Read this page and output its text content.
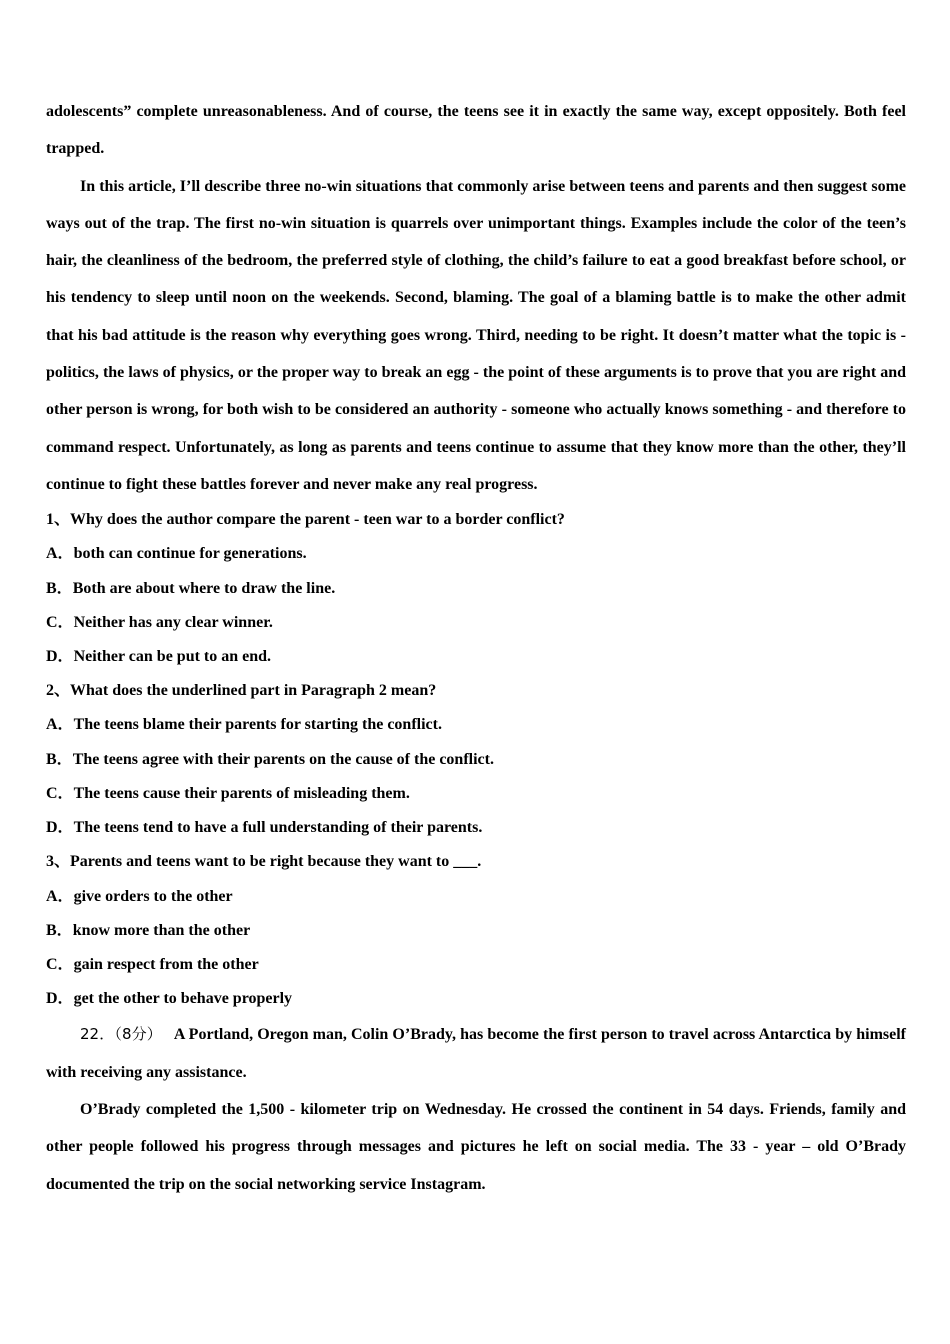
adolescents” complete unreasonableness. And of course, the teens see it in exactly the same way, except oppositely. Both feel trapped.

In this article, I’ll describe three no-win situations that commonly arise between teens and parents and then suggest some ways out of the trap. The first no-win situation is quarrels over unimportant things. Examples include the color of the teen’s hair, the cleanliness of the bedroom, the preferred style of clothing, the child’s failure to eat a good breakfast before school, or his tendency to sleep until noon on the weekends. Second, blaming. The goal of a blaming battle is to make the other admit that his bad attitude is the reason why everything goes wrong. Third, needing to be right. It doesn’t matter what the topic is - politics, the laws of physics, or the proper way to break an egg - the point of these arguments is to prove that you are right and other person is wrong, for both wish to be considered an authority - someone who actually knows something - and therefore to command respect. Unfortunately, as long as parents and teens continue to assume that they know more than the other, they’ll continue to fight these battles forever and never make any real progress.

1、Why does the author compare the parent - teen war to a border conflict?

A．both can continue for generations.

B．Both are about where to draw the line.

C．Neither has any clear winner.

D．Neither can be put to an end.

2、What does the underlined part in Paragraph 2 mean?

A．The teens blame their parents for starting the conflict.

B．The teens agree with their parents on the cause of the conflict.

C．The teens cause their parents of misleading them.

D．The teens tend to have a full understanding of their parents.

3、Parents and teens want to be right because they want to ___.

A．give orders to the other

B．know more than the other

C．gain respect from the other

D．get the other to behave properly

22．（8分） A Portland, Oregon man, Colin O’Brady, has become the first person to travel across Antarctica by himself with receiving any assistance.

O’Brady completed the 1,500 - kilometer trip on Wednesday. He crossed the continent in 54 days. Friends, family and other people followed his progress through messages and pictures he left on social media. The 33 - year – old O’Brady documented the trip on the social networking service Instagram.
